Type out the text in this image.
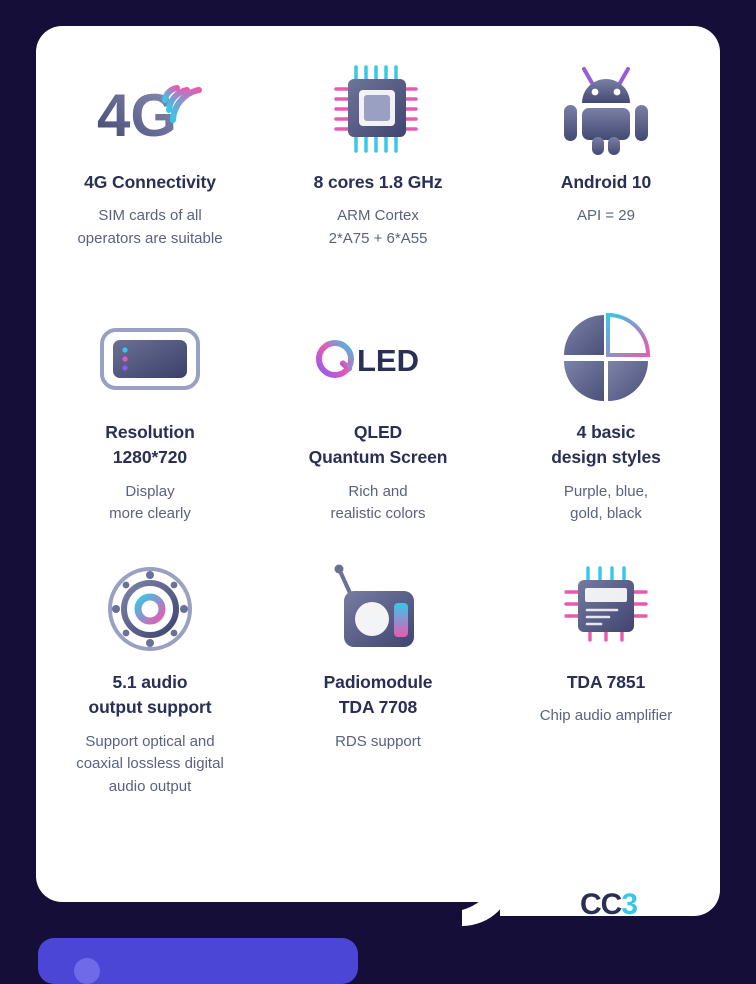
4G
4G Connectivity
SIM cards of all
operators are suitable
8 cores 1.8 GHz
ARM Cortex
2*A75 + 6*A55
Android 10
API = 29
Resolution
1280*720
Display
more clearly
LED
QLED
Quantum Screen
Rich and
realistic colors
4 basic
design styles
Purple, blue,
gold, black
5.1 audio
output support
Support optical and
coaxial lossless digital
audio output
Padiomodule
TDA 7708
RDS support
TDA 7851
Chip audio amplifier
CC3
